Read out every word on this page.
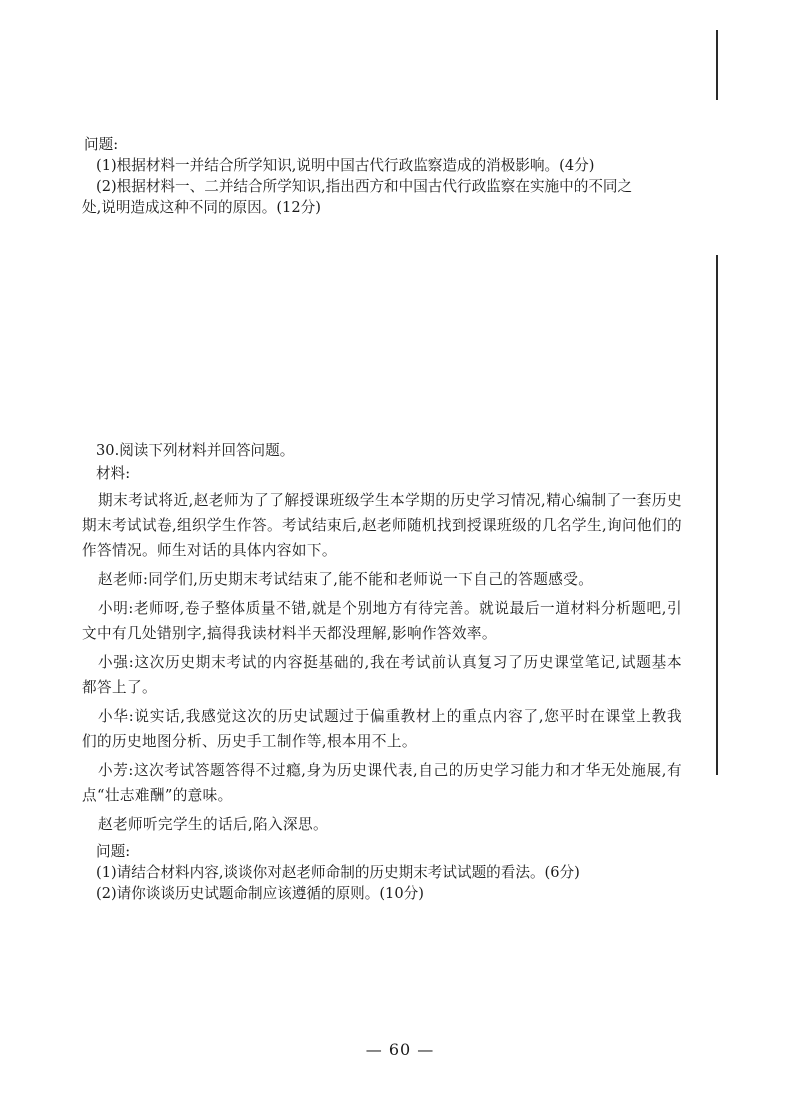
问题:
(1)根据材料一并结合所学知识,说明中国古代行政监察造成的消极影响。(4分)
(2)根据材料一、二并结合所学知识,指出西方和中国古代行政监察在实施中的不同之
处,说明造成这种不同的原因。(12分)
30.阅读下列材料并回答问题。
材料:

期末考试将近,赵老师为了了解授课班级学生本学期的历史学习情况,精心编制了一套历史期末考试试卷,组织学生作答。考试结束后,赵老师随机找到授课班级的几名学生,询问他们的作答情况。师生对话的具体内容如下。

赵老师:同学们,历史期末考试结束了,能不能和老师说一下自己的答题感受。

小明:老师呀,卷子整体质量不错,就是个别地方有待完善。就说最后一道材料分析题吧,引文中有几处错别字,搞得我读材料半天都没理解,影响作答效率。

小强:这次历史期末考试的内容挺基础的,我在考试前认真复习了历史课堂笔记,试题基本都答上了。

小华:说实话,我感觉这次的历史试题过于偏重教材上的重点内容了,您平时在课堂上教我们的历史地图分析、历史手工制作等,根本用不上。

小芳:这次考试答题答得不过瘾,身为历史课代表,自己的历史学习能力和才华无处施展,有点“壮志难酬”的意味。

赵老师听完学生的话后,陷入深思。

问题:
(1)请结合材料内容,谈谈你对赵老师命制的历史期末考试试题的看法。(6分)
(2)请你谈谈历史试题命制应该遵循的原则。(10分)
— 60 —
